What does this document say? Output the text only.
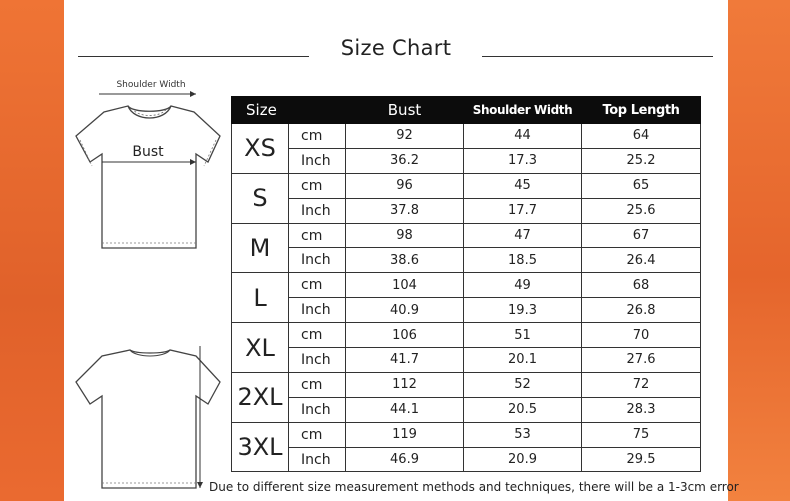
Size Chart
Shoulder Width
Bust
Size		Bust	Shoulder Width	Top Length
XS	cm	92	44	64
	Inch	36.2	17.3	25.2
S	cm	96	45	65
	Inch	37.8	17.7	25.6
M	cm	98	47	67
	Inch	38.6	18.5	26.4
L	cm	104	49	68
	Inch	40.9	19.3	26.8
XL	cm	106	51	70
	Inch	41.7	20.1	27.6
2XL	cm	112	52	72
	Inch	44.1	20.5	28.3
3XL	cm	119	53	75
	Inch	46.9	20.9	29.5
Due to different size measurement methods and techniques, there will be a 1-3cm error
